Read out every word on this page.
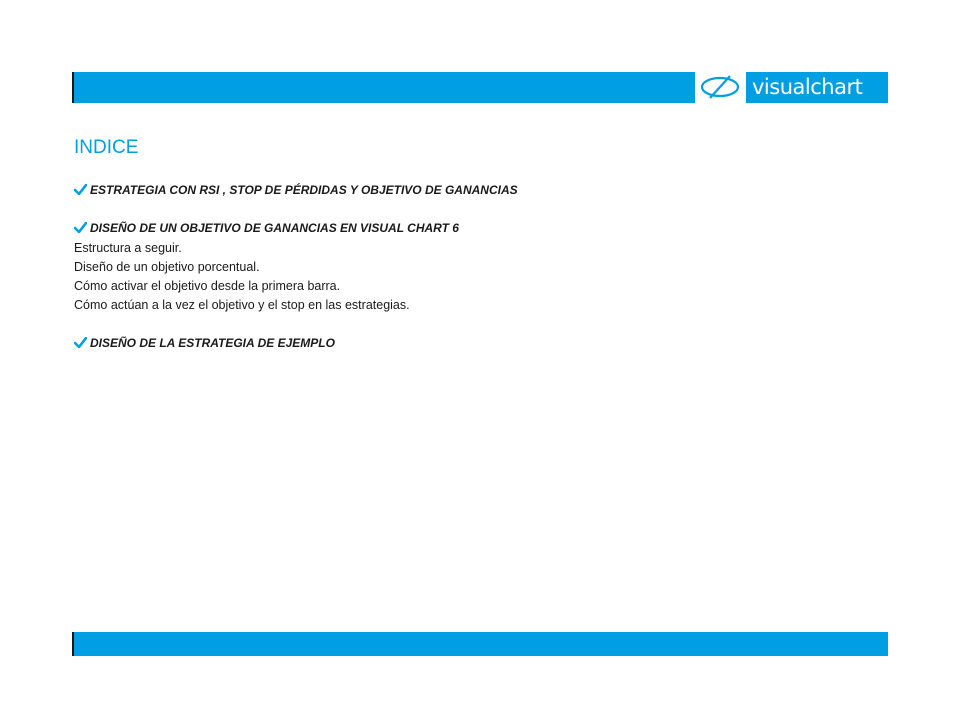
visualchart
INDICE
ESTRATEGIA CON RSI , STOP DE PÉRDIDAS Y OBJETIVO DE GANANCIAS
DISEÑO DE UN OBJETIVO DE GANANCIAS EN VISUAL CHART 6
Estructura a seguir.
Diseño de un objetivo porcentual.
Cómo activar el objetivo desde la primera barra.
Cómo actúan a la vez el objetivo y el stop en las estrategias.
DISEÑO DE LA ESTRATEGIA DE EJEMPLO
